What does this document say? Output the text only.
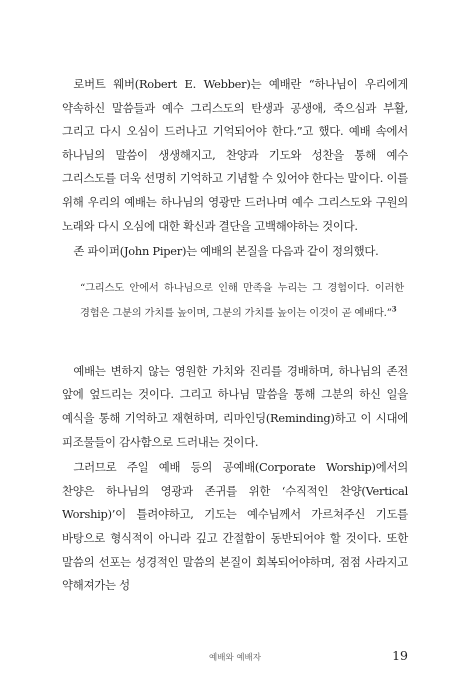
로버트 웨버(Robert E. Webber)는 예배란 “하나님이 우리에게 약속하신 말씀들과 예수 그리스도의 탄생과 공생애, 죽으심과 부활, 그리고 다시 오심이 드러나고 기억되어야 한다.”고 했다. 예배 속에서 하나님의 말씀이 생생해지고, 찬양과 기도와 성찬을 통해 예수 그리스도를 더욱 선명히 기억하고 기념할 수 있어야 한다는 말이다. 이를 위해 우리의 예배는 하나님의 영광만 드러나며 예수 그리스도와 구원의 노래와 다시 오심에 대한 확신과 결단을 고백해야하는 것이다.

존 파이퍼(John Piper)는 예배의 본질을 다음과 같이 정의했다.

“그리스도 안에서 하나님으로 인해 만족을 누리는 그 경험이다. 이러한 경험은 그분의 가치를 높이며, 그분의 가치를 높이는 이것이 곧 예배다.”$^3$

예배는 변하지 않는 영원한 가치와 진리를 경배하며, 하나님의 존전 앞에 엎드리는 것이다. 그리고 하나님 말씀을 통해 그분의 하신 일을 예식을 통해 기억하고 재현하며, 리마인딩(Reminding)하고 이 시대에 피조물들이 감사함으로 드러내는 것이다.

그러므로 주일 예배 등의 공예배(Corporate Worship)에서의 찬양은 하나님의 영광과 존귀를 위한 ‘수직적인 찬양(Vertical Worship)’이 틀려야하고, 기도는 예수님께서 가르쳐주신 기도를 바탕으로 형식적이 아니라 깊고 간절함이 동반되어야 할 것이다. 또한 말씀의 선포는 성경적인 말씀의 본질이 회복되어야하며, 점점 사라지고 약해져가는 성

예배와 예배자	19
